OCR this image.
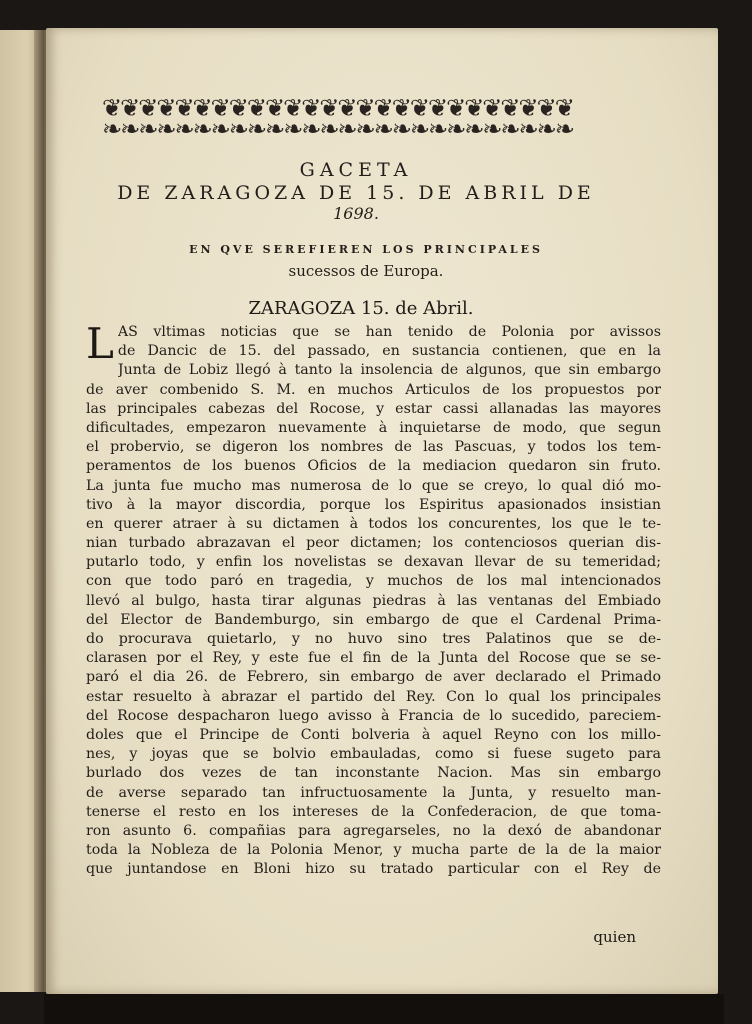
❦❦❦❦❦❦❦❦❦❦❦❦❦❦❦❦❦❦❦❦❦❦❦❦❦❦
❧❧❧❧❧❧❧❧❧❧❧❧❧❧❧❧❧❧❧❧❧❧❧❧❧❧
GACETA
DE ZARAGOZA DE 15. DE ABRIL DE
1698.
EN QVE SEREFIEREN LOS PRINCIPALES
sucessos de Europa.
ZARAGOZA 15. de Abril.
L AS vltimas noticias que se han tenido de Polonia por avissos
de Dancic de 15. del passado, en sustancia contienen, que en la
Junta de Lobiz llegó à tanto la insolencia de algunos, que sin embargo
de aver combenido S. M. en muchos Articulos de los propuestos por
las principales cabezas del Rocose, y estar cassi allanadas las mayores
dificultades, empezaron nuevamente à inquietarse de modo, que segun
el probervio, se digeron los nombres de las Pascuas, y todos los tem-
peramentos de los buenos Oficios de la mediacion quedaron sin fruto.
La junta fue mucho mas numerosa de lo que se creyo, lo qual dió mo-
tivo à la mayor discordia, porque los Espiritus apasionados insistian
en querer atraer à su dictamen à todos los concurentes, los que le te-
nian turbado abrazavan el peor dictamen; los contenciosos querian dis-
putarlo todo, y enfin los novelistas se dexavan llevar de su temeridad;
con que todo paró en tragedia, y muchos de los mal intencionados
llevó al bulgo, hasta tirar algunas piedras à las ventanas del Embiado
del Elector de Bandemburgo, sin embargo de que el Cardenal Prima-
do procurava quietarlo, y no huvo sino tres Palatinos que se de-
clarasen por el Rey, y este fue el fin de la Junta del Rocose que se se-
paró el dia 26. de Febrero, sin embargo de aver declarado el Primado
estar resuelto à abrazar el partido del Rey. Con lo qual los principales
del Rocose despacharon luego avisso à Francia de lo sucedido, pareciem-
doles que el Principe de Conti bolveria à aquel Reyno con los millo-
nes, y joyas que se bolvio embauladas, como si fuese sugeto para
burlado dos vezes de tan inconstante Nacion. Mas sin embargo
de averse separado tan infructuosamente la Junta, y resuelto man-
tenerse el resto en los intereses de la Confederacion, de que toma-
ron asunto 6. compañias para agregarseles, no la dexó de abandonar
toda la Nobleza de la Polonia Menor, y mucha parte de la de la maior
que juntandose en Bloni hizo su tratado particular con el Rey de
quien
